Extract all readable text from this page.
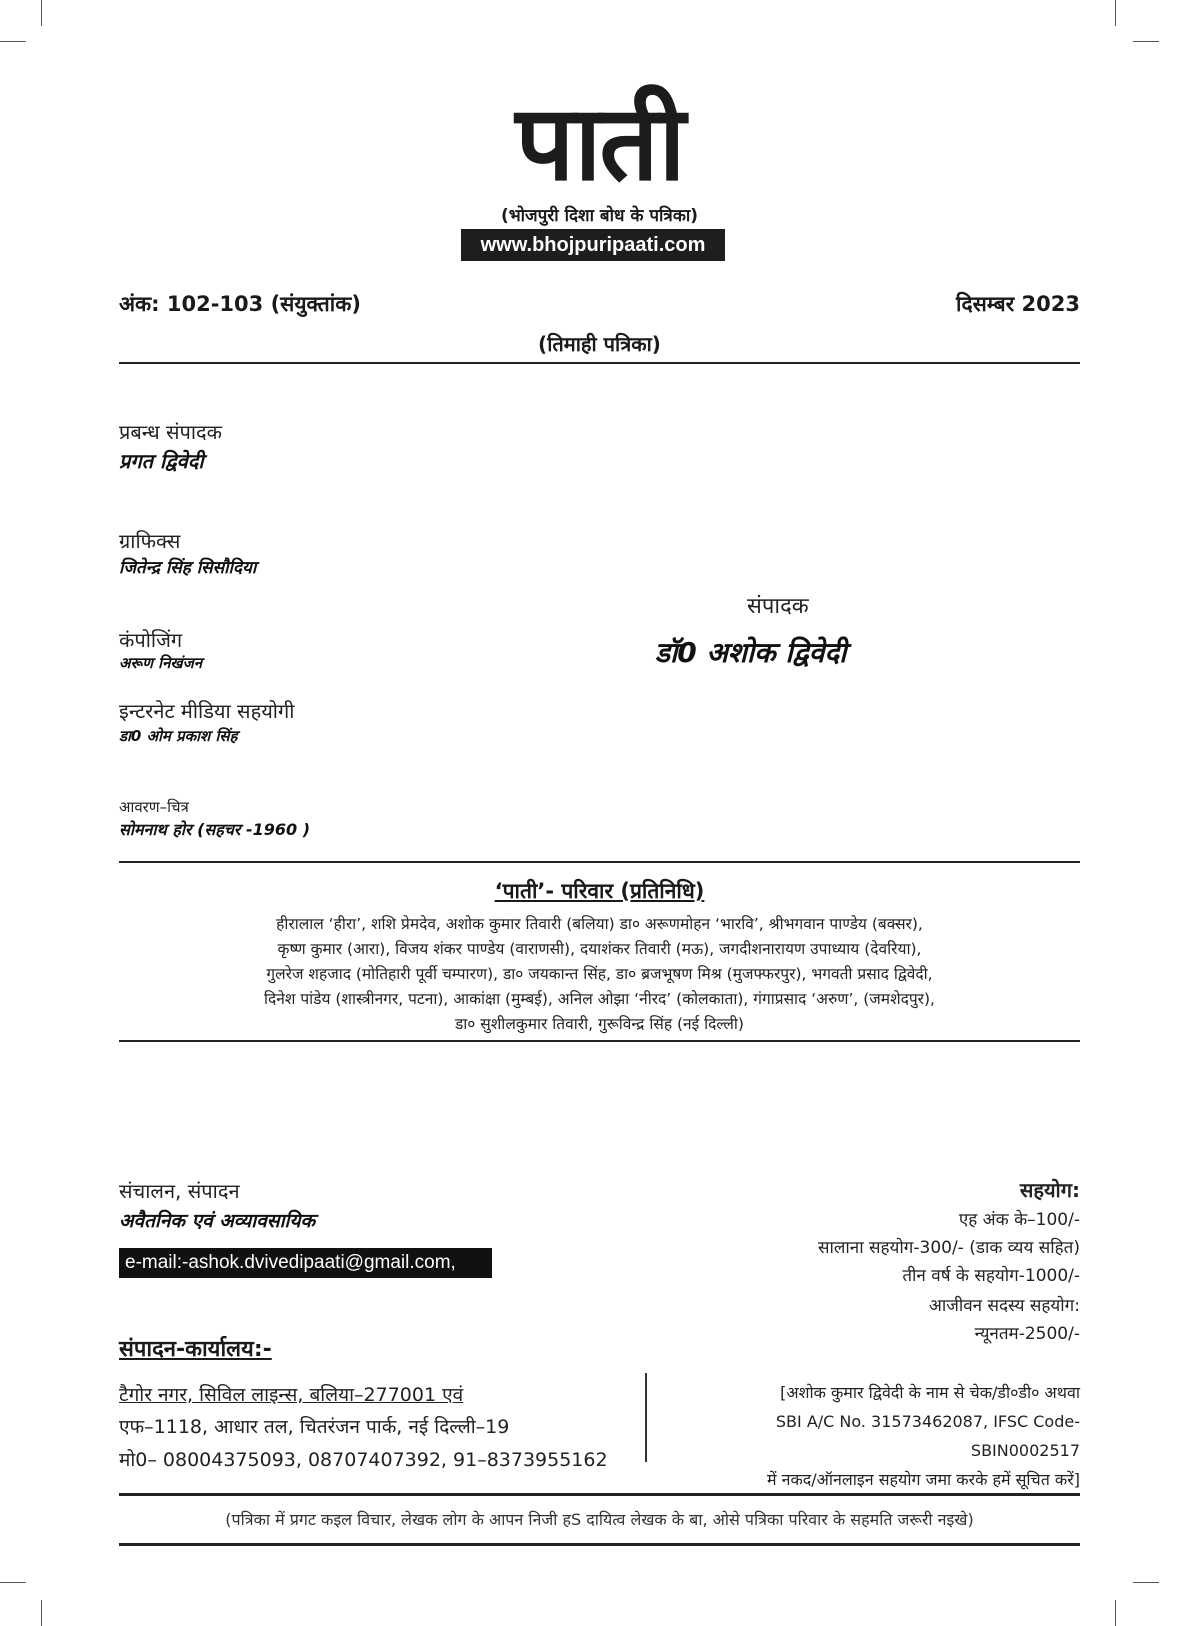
पाती
(भोजपुरी दिशा बोध के पत्रिका)
www.bhojpuripaati.com
अंक: 102-103 (संयुक्तांक)	दिसम्बर 2023
(तिमाही पत्रिका)
प्रबन्ध संपादक
प्रगत द्विवेदी
ग्राफिक्स
जितेन्द्र सिंह सिसौदिया
कंपोजिंग
अरूण निखंजन
इन्टरनेट मीडिया सहयोगी
डा0 ओम प्रकाश सिंह
आवरण–चित्र
सोमनाथ होर (सहचर -1960 )
संपादक
डॉ0 अशोक द्विवेदी
‘पाती’- परिवार (प्रतिनिधि)
हीरालाल ‘हीरा’, शशि प्रेमदेव, अशोक कुमार तिवारी (बलिया) डा० अरूणमोहन ‘भारवि’, श्रीभगवान पाण्डेय (बक्सर),
कृष्ण कुमार (आरा), विजय शंकर पाण्डेय (वाराणसी), दयाशंकर तिवारी (मऊ), जगदीशनारायण उपाध्याय (देवरिया),
गुलरेज शहजाद (मोतिहारी पूर्वी चम्पारण), डा० जयकान्त सिंह, डा० ब्रजभूषण मिश्र (मुजफ्फरपुर), भगवती प्रसाद द्विवेदी,
दिनेश पांडेय (शास्त्रीनगर, पटना), आकांक्षा (मुम्बई), अनिल ओझा ‘नीरद’ (कोलकाता), गंगाप्रसाद ‘अरुण’, (जमशेदपुर),
डा० सुशीलकुमार तिवारी, गुरूविन्द्र सिंह (नई दिल्ली)
संचालन, संपादन
अवैतनिक एवं अव्यावसायिक
e-mail:-ashok.dvivedipaati@gmail.com,
सहयोग:
एह अंक के–100/-
सालाना सहयोग-300/- (डाक व्यय सहित)
तीन वर्ष के सहयोग-1000/-
आजीवन सदस्य सहयोग:
न्यूनतम-2500/-
संपादन-कार्यालय:-
टैगोर नगर, सिविल लाइन्स, बलिया–277001 एवं
एफ–1118, आधार तल, चितरंजन पार्क, नई दिल्ली–19
मो0– 08004375093, 08707407392, 91–8373955162
[अशोक कुमार द्विवेदी के नाम से चेक/डी०डी० अथवा
SBI A/C No. 31573462087, IFSC Code-SBIN0002517
में नकद/ऑनलाइन सहयोग जमा करके हमें सूचित करें]
(पत्रिका में प्रगट कइल विचार, लेखक लोग के आपन निजी हS दायित्व लेखक के बा, ओसे पत्रिका परिवार के सहमति जरूरी नइखे)
